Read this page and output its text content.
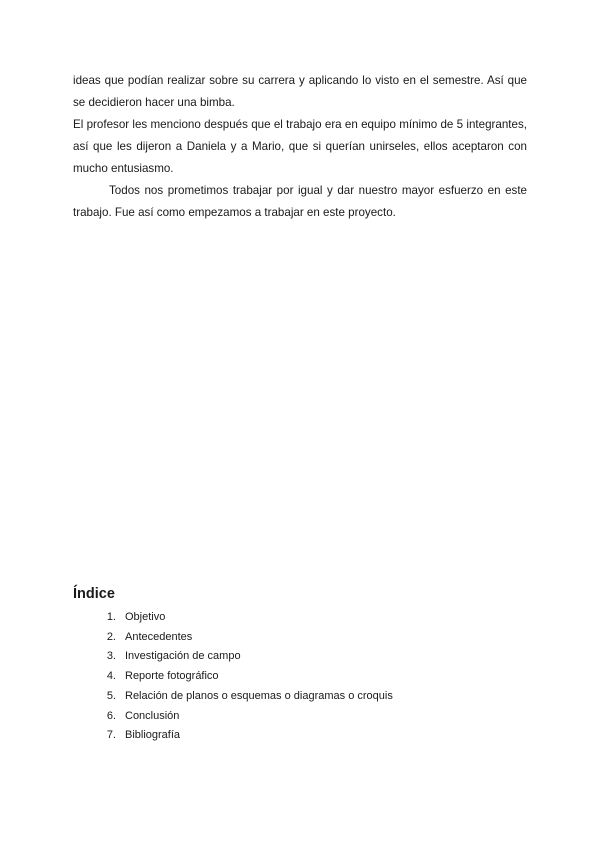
ideas que podían realizar sobre su carrera y aplicando lo visto en el semestre. Así que se decidieron hacer una bimba.

El profesor les menciono después que el trabajo era en equipo mínimo de 5 integrantes, así que les dijeron a Daniela y a Mario, que si querían unirseles, ellos aceptaron con mucho entusiasmo.

Todos nos prometimos trabajar por igual y dar nuestro mayor esfuerzo en este trabajo. Fue así como empezamos a trabajar en este proyecto.

Índice
1. Objetivo
2. Antecedentes
3. Investigación de campo
4. Reporte fotográfico
5. Relación de planos o esquemas o diagramas o croquis
6. Conclusión
7. Bibliografía
